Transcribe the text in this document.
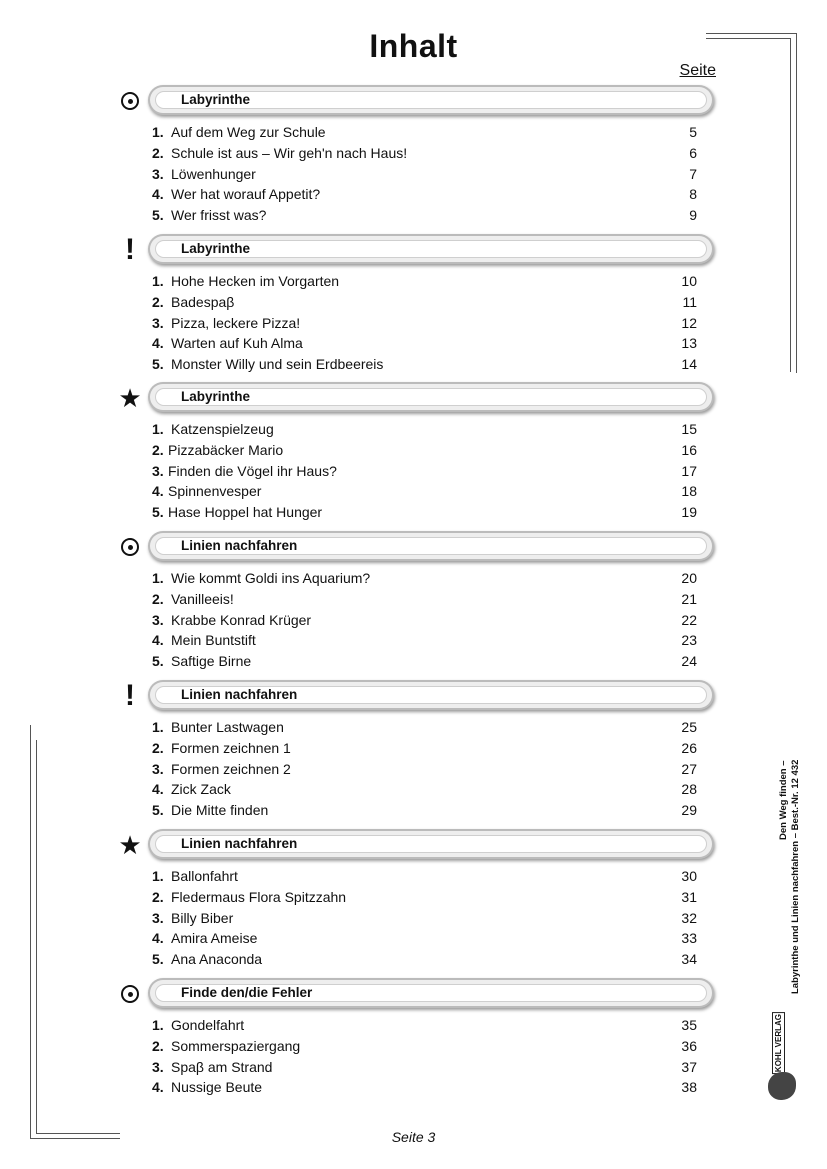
Inhalt
Seite
Labyrinthe
1. Auf dem Weg zur Schule	5
2. Schule ist aus – Wir geh'n nach Haus!	6
3. Löwenhunger	7
4. Wer hat worauf Appetit?	8
5. Wer frisst was?	9
!	Labyrinthe
1. Hohe Hecken im Vorgarten	10
2. Badespaβ	11
3. Pizza, leckere Pizza!	12
4. Warten auf Kuh Alma	13
5. Monster Willy und sein Erdbeereis	14
★	Labyrinthe
1. Katzenspielzeug	15
2. Pizzabäcker Mario	16
3. Finden die Vögel ihr Haus?	17
4. Spinnenvesper	18
5. Hase Hoppel hat Hunger	19
Linien nachfahren
1. Wie kommt Goldi ins Aquarium?	20
2. Vanilleeis!	21
3. Krabbe Konrad Krüger	22
4. Mein Buntstift	23
5. Saftige Birne	24
!	Linien nachfahren
1. Bunter Lastwagen	25
2. Formen zeichnen 1	26
3. Formen zeichnen 2	27
4. Zick Zack	28
5. Die Mitte finden	29
★	Linien nachfahren
1. Ballonfahrt	30
2. Fledermaus Flora Spitzzahn	31
3. Billy Biber	32
4. Amira Ameise	33
5. Ana Anaconda	34
Finde den/die Fehler
1. Gondelfahrt	35
2. Sommerspaziergang	36
3. Spaβ am Strand	37
4. Nussige Beute	38
Seite 3
Den Weg finden – Labyrinthe und Linien nachfahren – Best.-Nr. 12 432
KOHL VERLAG
